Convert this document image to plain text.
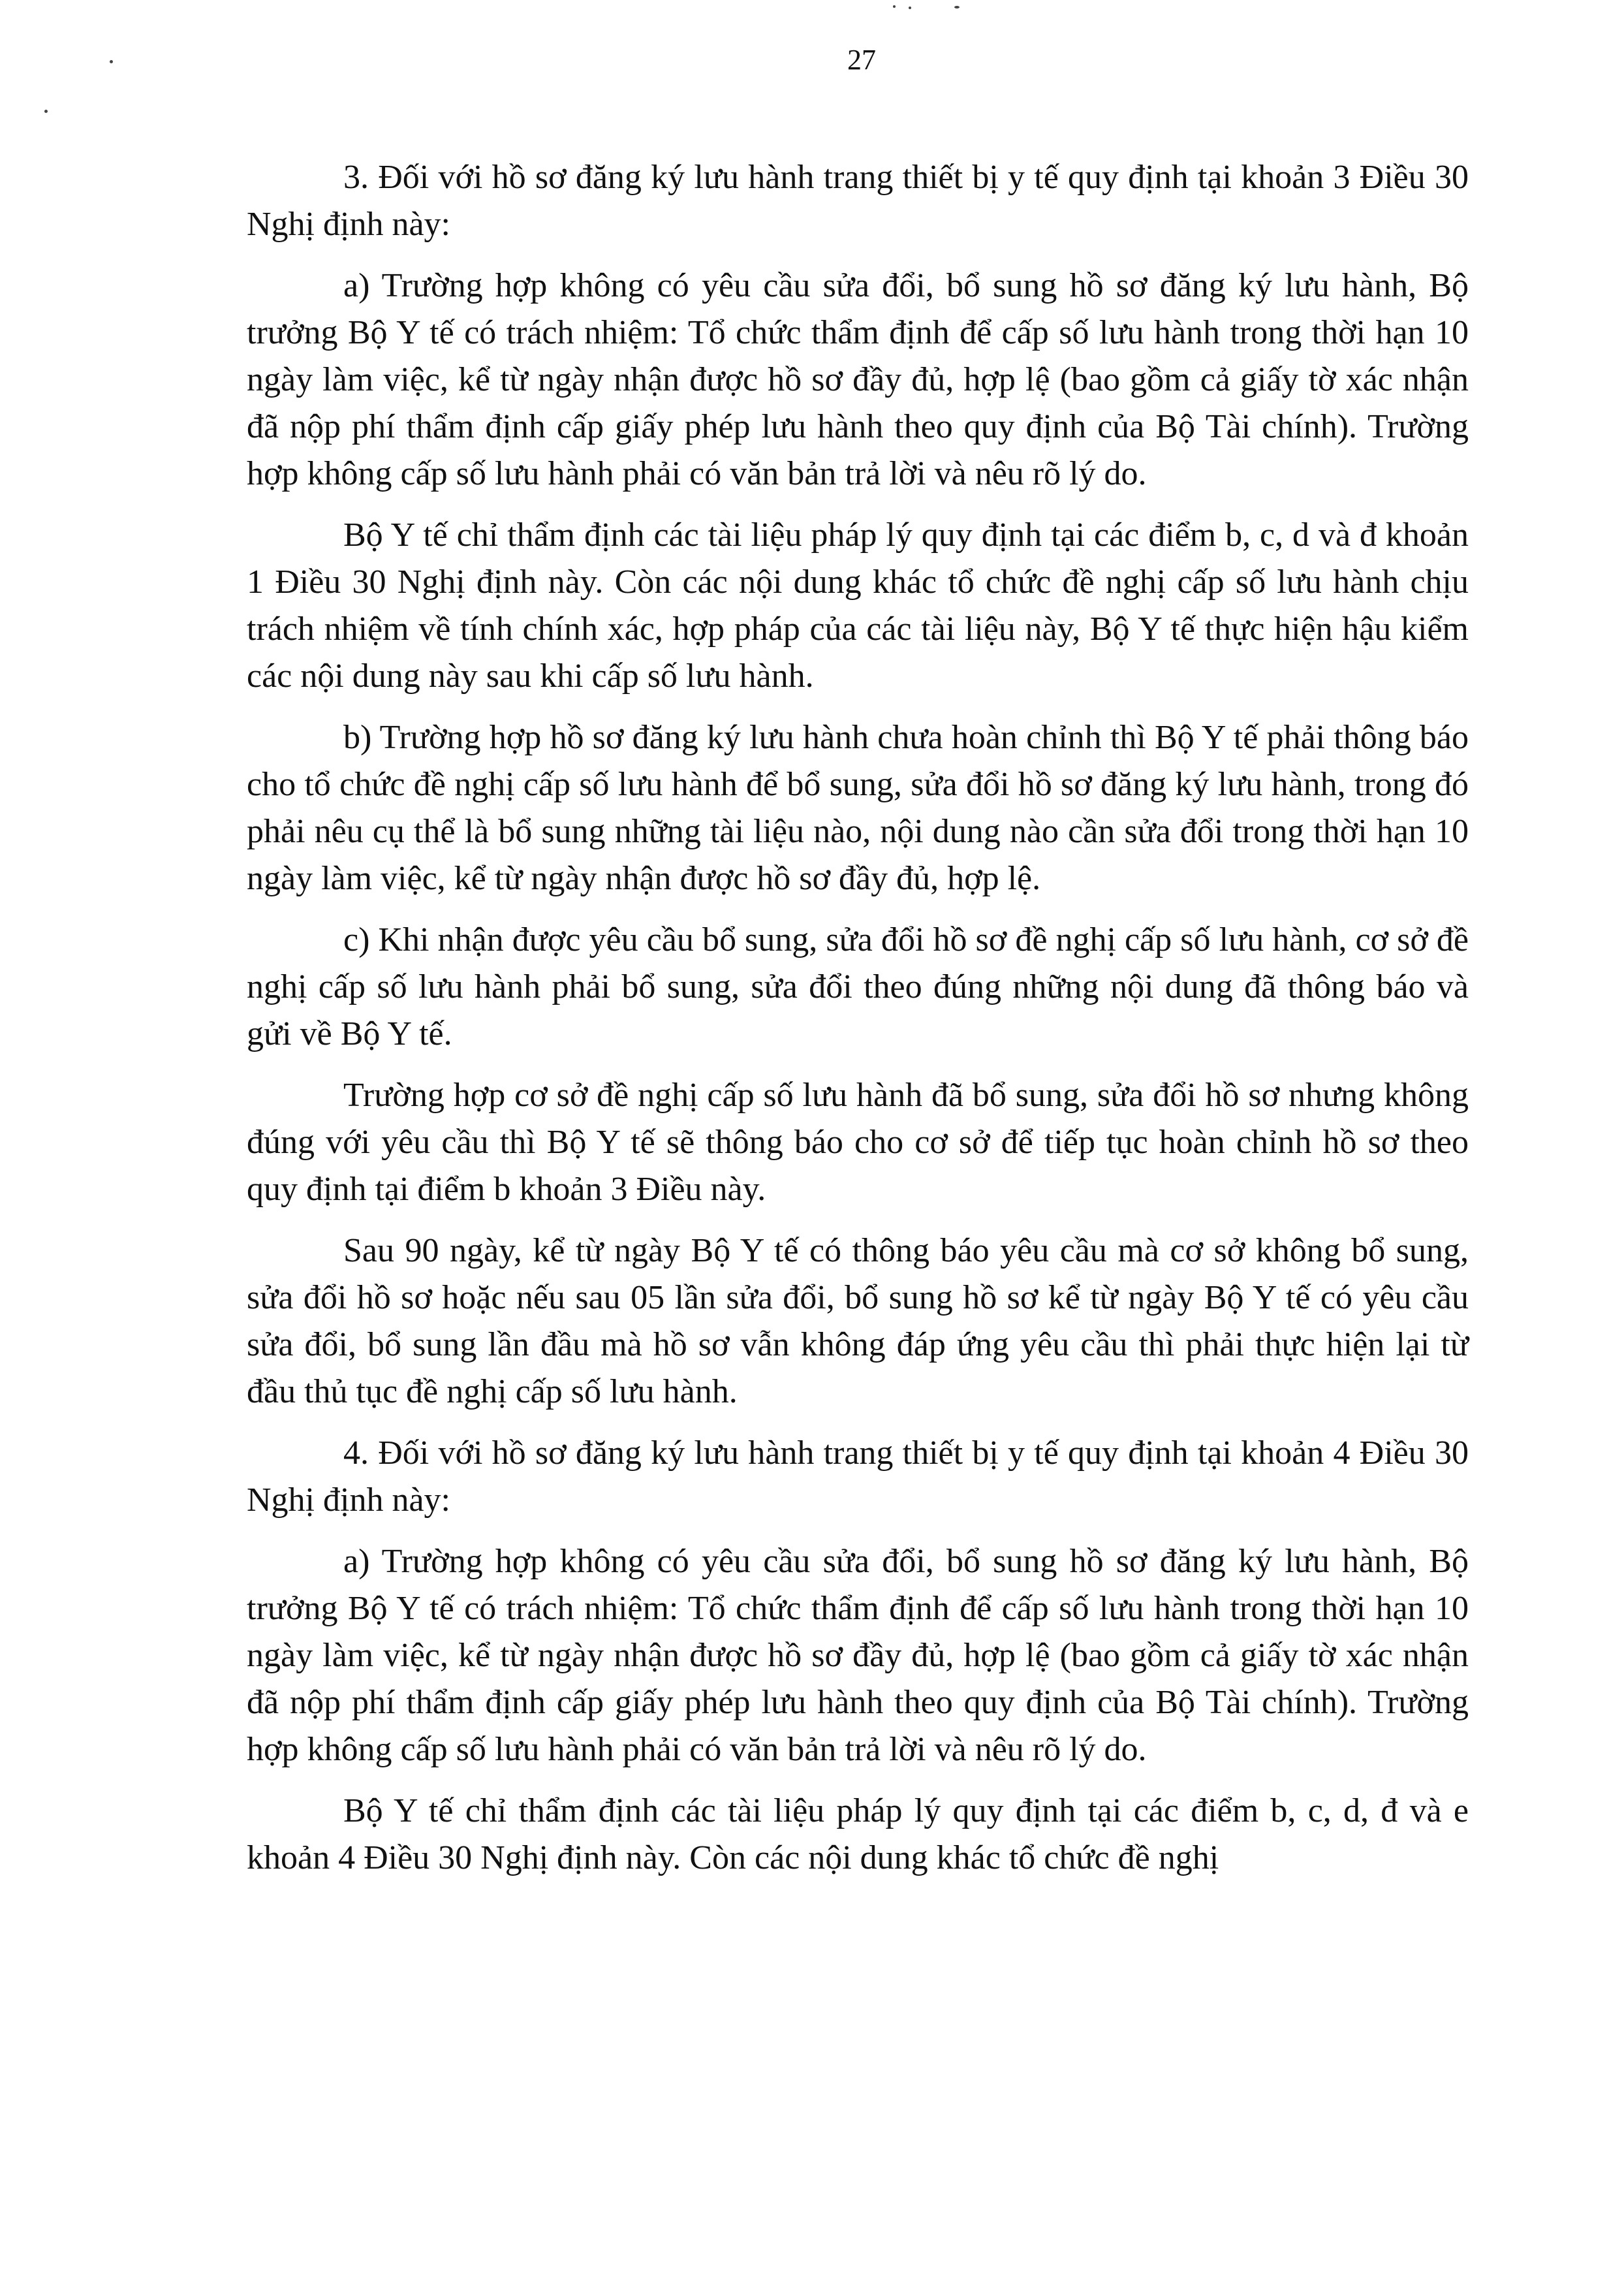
27

3. Đối với hồ sơ đăng ký lưu hành trang thiết bị y tế quy định tại khoản 3 Điều 30 Nghị định này:

a) Trường hợp không có yêu cầu sửa đổi, bổ sung hồ sơ đăng ký lưu hành, Bộ trưởng Bộ Y tế có trách nhiệm: Tổ chức thẩm định để cấp số lưu hành trong thời hạn 10 ngày làm việc, kể từ ngày nhận được hồ sơ đầy đủ, hợp lệ (bao gồm cả giấy tờ xác nhận đã nộp phí thẩm định cấp giấy phép lưu hành theo quy định của Bộ Tài chính). Trường hợp không cấp số lưu hành phải có văn bản trả lời và nêu rõ lý do.

Bộ Y tế chỉ thẩm định các tài liệu pháp lý quy định tại các điểm b, c, d và đ khoản 1 Điều 30 Nghị định này. Còn các nội dung khác tổ chức đề nghị cấp số lưu hành chịu trách nhiệm về tính chính xác, hợp pháp của các tài liệu này, Bộ Y tế thực hiện hậu kiểm các nội dung này sau khi cấp số lưu hành.

b) Trường hợp hồ sơ đăng ký lưu hành chưa hoàn chỉnh thì Bộ Y tế phải thông báo cho tổ chức đề nghị cấp số lưu hành để bổ sung, sửa đổi hồ sơ đăng ký lưu hành, trong đó phải nêu cụ thể là bổ sung những tài liệu nào, nội dung nào cần sửa đổi trong thời hạn 10 ngày làm việc, kể từ ngày nhận được hồ sơ đầy đủ, hợp lệ.

c) Khi nhận được yêu cầu bổ sung, sửa đổi hồ sơ đề nghị cấp số lưu hành, cơ sở đề nghị cấp số lưu hành phải bổ sung, sửa đổi theo đúng những nội dung đã thông báo và gửi về Bộ Y tế.

Trường hợp cơ sở đề nghị cấp số lưu hành đã bổ sung, sửa đổi hồ sơ nhưng không đúng với yêu cầu thì Bộ Y tế sẽ thông báo cho cơ sở để tiếp tục hoàn chỉnh hồ sơ theo quy định tại điểm b khoản 3 Điều này.

Sau 90 ngày, kể từ ngày Bộ Y tế có thông báo yêu cầu mà cơ sở không bổ sung, sửa đổi hồ sơ hoặc nếu sau 05 lần sửa đổi, bổ sung hồ sơ kể từ ngày Bộ Y tế có yêu cầu sửa đổi, bổ sung lần đầu mà hồ sơ vẫn không đáp ứng yêu cầu thì phải thực hiện lại từ đầu thủ tục đề nghị cấp số lưu hành.

4. Đối với hồ sơ đăng ký lưu hành trang thiết bị y tế quy định tại khoản 4 Điều 30 Nghị định này:

a) Trường hợp không có yêu cầu sửa đổi, bổ sung hồ sơ đăng ký lưu hành, Bộ trưởng Bộ Y tế có trách nhiệm: Tổ chức thẩm định để cấp số lưu hành trong thời hạn 10 ngày làm việc, kể từ ngày nhận được hồ sơ đầy đủ, hợp lệ (bao gồm cả giấy tờ xác nhận đã nộp phí thẩm định cấp giấy phép lưu hành theo quy định của Bộ Tài chính). Trường hợp không cấp số lưu hành phải có văn bản trả lời và nêu rõ lý do.

Bộ Y tế chỉ thẩm định các tài liệu pháp lý quy định tại các điểm b, c, d, đ và e khoản 4 Điều 30 Nghị định này. Còn các nội dung khác tổ chức đề nghị
